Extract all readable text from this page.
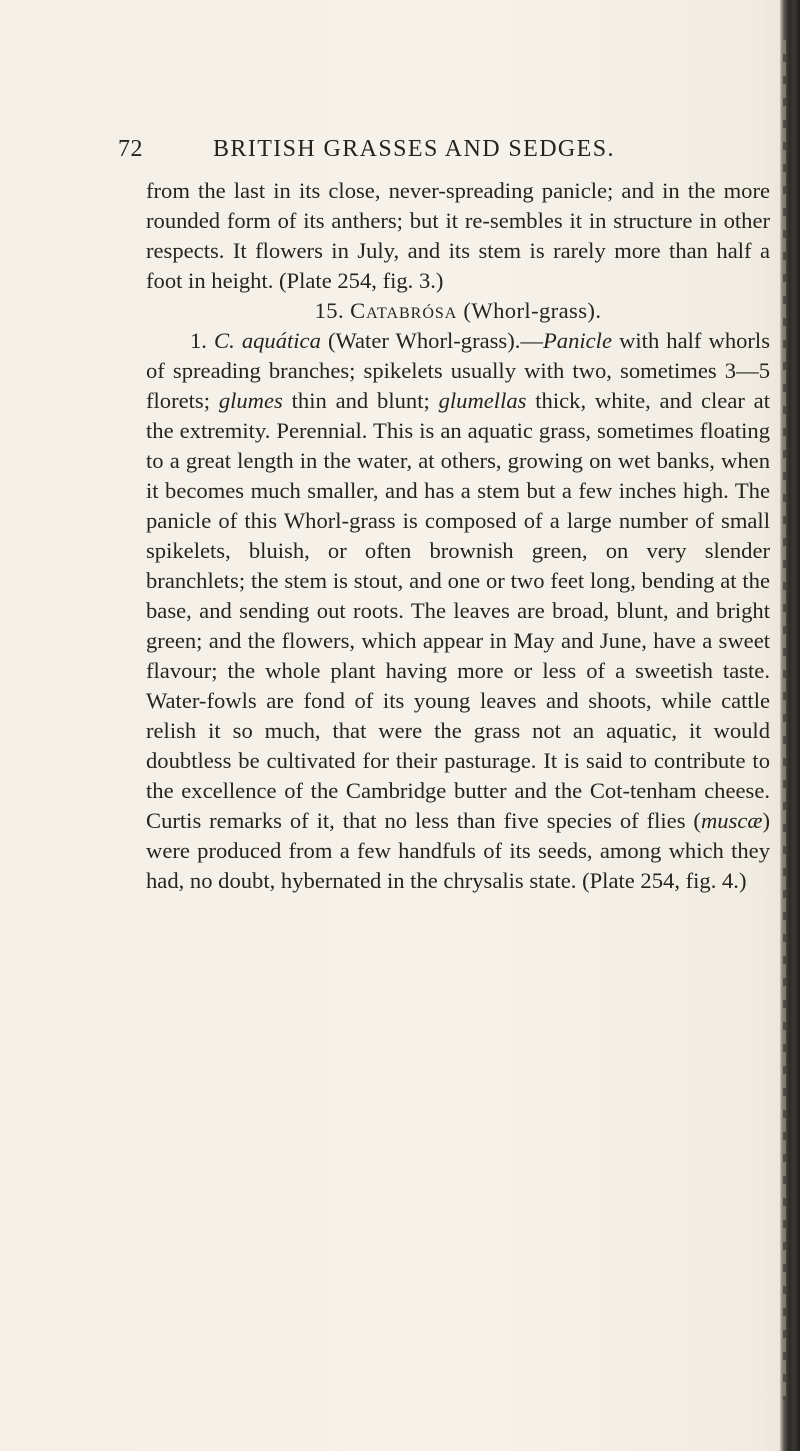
72	BRITISH GRASSES AND SEDGES.

from the last in its close, never-spreading panicle; and in the more rounded form of its anthers; but it re-sembles it in structure in other respects. It flowers in July, and its stem is rarely more than half a foot in height. (Plate 254, fig. 3.)

15. Catabrósa (Whorl-grass).

1. C. aquática (Water Whorl-grass).—Panicle with half whorls of spreading branches; spikelets usually with two, sometimes 3—5 florets; glumes thin and blunt; glumellas thick, white, and clear at the extremity. Perennial. This is an aquatic grass, sometimes floating to a great length in the water, at others, growing on wet banks, when it becomes much smaller, and has a stem but a few inches high. The panicle of this Whorl-grass is composed of a large number of small spikelets, bluish, or often brownish green, on very slender branchlets; the stem is stout, and one or two feet long, bending at the base, and sending out roots. The leaves are broad, blunt, and bright green; and the flowers, which appear in May and June, have a sweet flavour; the whole plant having more or less of a sweetish taste. Water-fowls are fond of its young leaves and shoots, while cattle relish it so much, that were the grass not an aquatic, it would doubtless be cultivated for their pasturage. It is said to contribute to the excellence of the Cambridge butter and the Cot-tenham cheese. Curtis remarks of it, that no less than five species of flies (muscæ) were produced from a few handfuls of its seeds, among which they had, no doubt, hybernated in the chrysalis state. (Plate 254, fig. 4.)
